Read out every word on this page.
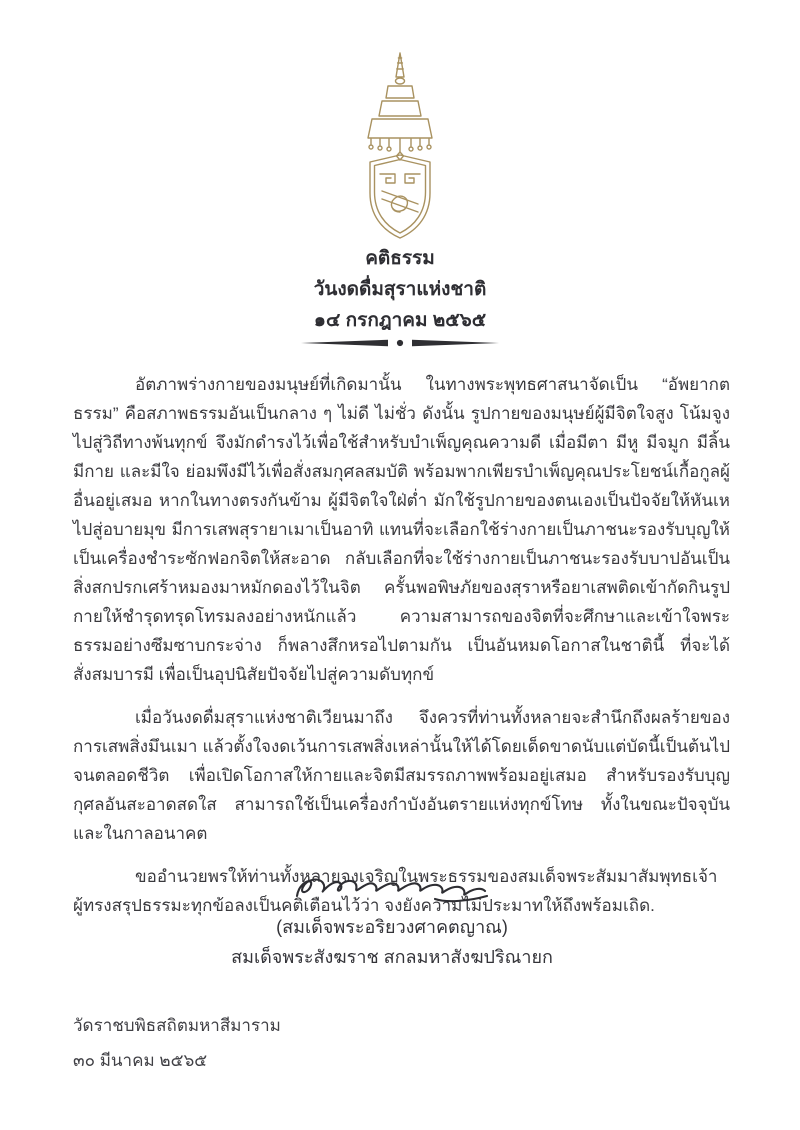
คติธรรม
วันงดดื่มสุราแห่งชาติ
๑๔ กรกฎาคม ๒๕๖๕

อัตภาพร่างกายของมนุษย์ที่เกิดมานั้น ในทางพระพุทธศาสนาจัดเป็น “อัพยากตธรรม” คือสภาพธรรมอันเป็นกลาง ๆ ไม่ดี ไม่ชั่ว ดังนั้น รูปกายของมนุษย์ผู้มีจิตใจสูง โน้มจูงไปสู่วิถีทางพ้นทุกข์ จึงมักดำรงไว้เพื่อใช้สำหรับบำเพ็ญคุณความดี เมื่อมีตา มีหู มีจมูก มีลิ้น มีกาย และมีใจ ย่อมพึงมีไว้เพื่อสั่งสมกุศลสมบัติ พร้อมพากเพียรบำเพ็ญคุณประโยชน์เกื้อกูลผู้อื่นอยู่เสมอ หากในทางตรงกันข้าม ผู้มีจิตใจใฝ่ต่ำ มักใช้รูปกายของตนเองเป็นปัจจัยให้หันเหไปสู่อบายมุข มีการเสพสุรายาเมาเป็นอาทิ แทนที่จะเลือกใช้ร่างกายเป็นภาชนะรองรับบุญให้เป็นเครื่องชำระซักฟอกจิตให้สะอาด กลับเลือกที่จะใช้ร่างกายเป็นภาชนะรองรับบาปอันเป็นสิ่งสกปรกเศร้าหมองมาหมักดองไว้ในจิต ครั้นพอพิษภัยของสุราหรือยาเสพติดเข้ากัดกินรูปกายให้ชำรุดทรุดโทรมลงอย่างหนักแล้ว ความสามารถของจิตที่จะศึกษาและเข้าใจพระธรรมอย่างซึมซาบกระจ่าง ก็พลางสึกหรอไปตามกัน เป็นอันหมดโอกาสในชาตินี้ ที่จะได้สั่งสมบารมี เพื่อเป็นอุปนิสัยปัจจัยไปสู่ความดับทุกข์

เมื่อวันงดดื่มสุราแห่งชาติเวียนมาถึง จึงควรที่ท่านทั้งหลายจะสำนึกถึงผลร้ายของการเสพสิ่งมึนเมา แล้วตั้งใจงดเว้นการเสพสิ่งเหล่านั้นให้ได้โดยเด็ดขาดนับแต่บัดนี้เป็นต้นไปจนตลอดชีวิต เพื่อเปิดโอกาสให้กายและจิตมีสมรรถภาพพร้อมอยู่เสมอ สำหรับรองรับบุญกุศลอันสะอาดสดใส สามารถใช้เป็นเครื่องกำบังอันตรายแห่งทุกข์โทษ ทั้งในขณะปัจจุบันและในกาลอนาคต

ขออำนวยพรให้ท่านทั้งหลายจงเจริญในพระธรรมของสมเด็จพระสัมมาสัมพุทธเจ้า ผู้ทรงสรุปธรรมะทุกข้อลงเป็นคติเตือนไว้ว่า จงยังความไม่ประมาทให้ถึงพร้อมเถิด.

(สมเด็จพระอริยวงศาคตญาณ)
สมเด็จพระสังฆราช สกลมหาสังฆปริณายก
วัดราชบพิธสถิตมหาสีมาราม
๓๐ มีนาคม ๒๕๖๕
